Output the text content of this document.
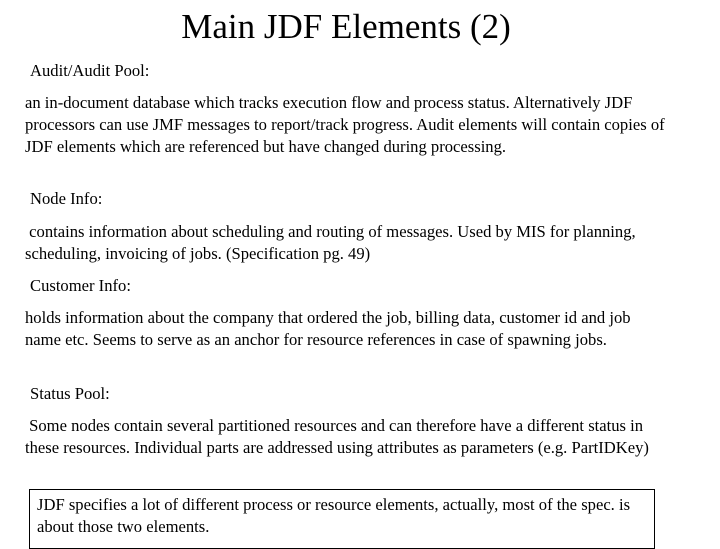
Main JDF Elements (2)
Audit/Audit Pool:

an in-document database which tracks execution flow and process status. Alternatively JDF processors can use JMF messages to report/track progress. Audit elements will contain copies of JDF elements which are referenced but have changed during processing.

Node Info:

contains information about scheduling and routing of messages. Used by MIS for planning, scheduling, invoicing of jobs. (Specification pg. 49)

Customer Info:

holds information about the company that ordered the job, billing data, customer id and job name etc. Seems to serve as an anchor for resource references in case of spawning jobs.

Status Pool:

Some nodes contain several partitioned resources and can therefore have a different status in these resources. Individual parts are addressed using attributes as parameters (e.g. PartIDKey)

JDF specifies a lot of different process or resource elements, actually, most of the spec. is about those two elements.
